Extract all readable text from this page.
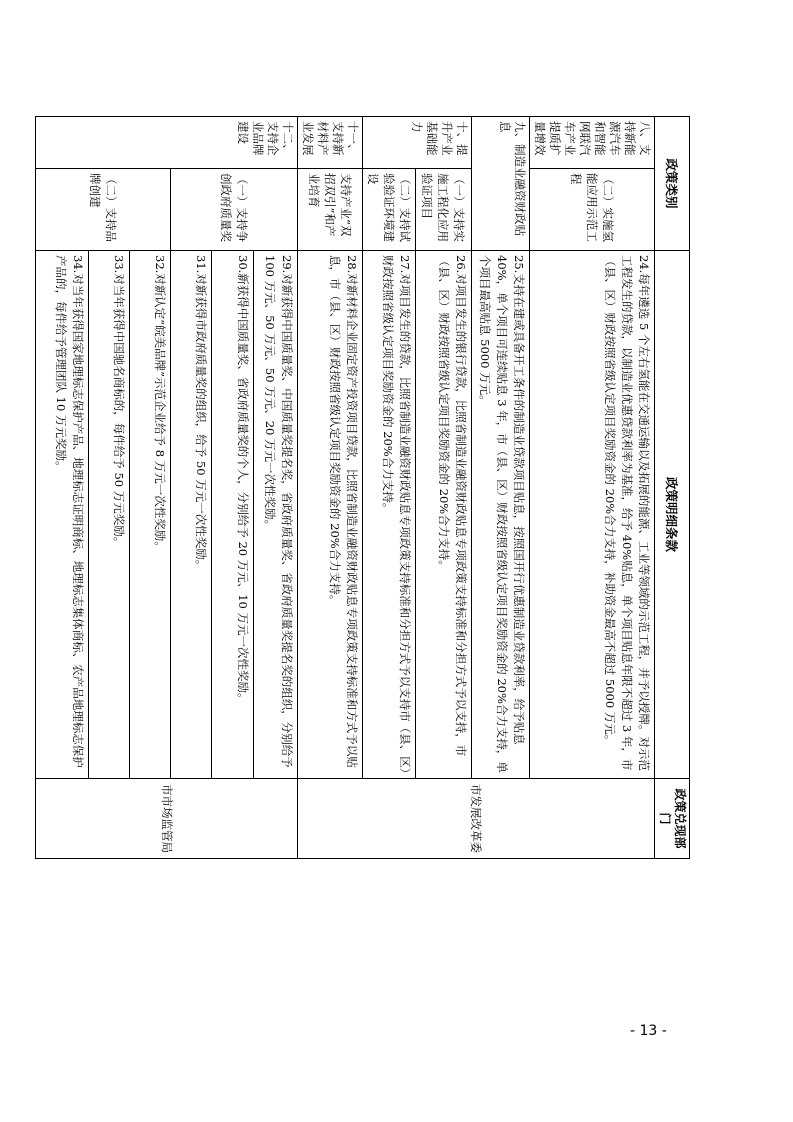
政策类别		政策明细条款	政策兑现部门
八、支持新能源汽车和智能网联汽车产业提质扩量增效	（二）实施氢能应用示范工程	24.每年遴选 5 个左右氢能在交通运输以及拓展的能源、工业等领域的示范工程，并予以授牌。对示范工程发生的贷款，以制造业优惠贷款利率为基准，给予 40%贴息，单个项目贴息年限不超过 3 年，市（县、区）财政按照省级认定项目奖励资金的 20%合力支持，补助资金最高不超过 5000 万元。	市发展改革委
九、制造业融资财政贴息		25.支持在建或具备开工条件的制造业贷款项目贴息，按照国开行优惠制造业贷款利率，给予贴息 40%，单个项目可连续贴息 3 年，市（县、区）财政按照省级认定项目奖励资金的 20%合力支持，单个项目最高贴息 5000 万元。	
十、提升产业基础能力	（一）支持实施工程化应用验证项目	26.对项目发生的银行贷款，比照省制造业融资财政贴息专项政策支持标准和分担方式予以支持，市（县、区）财政按照省级认定项目奖励资金的 20%合力支持。	
	（二）支持试验验证环境建设	27.对项目发生的贷款，比照省制造业融资财政贴息专项政策支持标准和分担方式予以支持市（县、区）财政按照省级认定项目奖励资金的 20%合力支持。	
十一、支持新材料产业发展	支持产业“双招双引”和产业培育	28.对新材料企业固定资产投资项目贷款，比照省制造业融资财政贴息专项政策支持标准和方式予以贴息，市（县、区）财政按照省级认定项目奖励资金的 20%合力支持。	
十二、支持企业品牌建设	（一）支持争创政府质量奖	29.对新获得中国质量奖、中国质量奖提名奖，省政府质量奖、省政府质量奖提名奖的组织，分别给予 100 万元、50 万元、50 万元、20 万元一次性奖励。	市市场监管局
		30.新获得中国质量奖、省政府质量奖的个人，分别给予 20 万元、10 万元一次性奖励。	
		31.对新获得市政府质量奖的组织，给予 50 万元一次性奖励。	
	（二）支持品牌创建	32.对新认定“皖美品牌”示范企业给予 8 万元一次性奖励。	
		33.对当年获得中国驰名商标的，每件给予 50 万元奖励。	
		34.对当年获得国家地理标志保护产品、地理标志证明商标、地理标志集体商标、农产品地理标志保护产品的，每件给予管理团队 10 万元奖励。	
- 13 -
